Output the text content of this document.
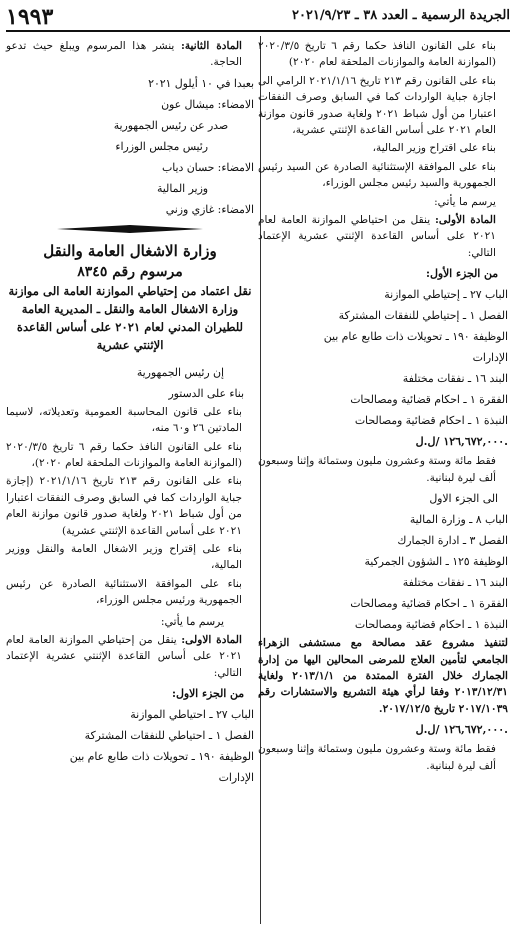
الجريدة الرسمية ـ العدد ٣٨ ـ ٢٠٢١/٩/٢٣
١٩٩٣

بناء على القانون النافذ حكما رقم ٦ تاريخ ٢٠٢٠/٣/٥ (الموازنة العامة والموازنات الملحقة لعام ٢٠٢٠)

بناء على القانون رقم ٢١٣ تاريخ ٢٠٢١/١/١٦ الرامي الى اجازة جباية الواردات كما في السابق وصرف النفقات اعتبارا من أول شباط ٢٠٢١ ولغاية صدور قانون موازنة العام ٢٠٢١ على أساس القاعدة الإثنتي عشرية،

بناء على اقتراح وزير المالية،

بناء على الموافقة الإستثنائية الصادرة عن السيد رئيس الجمهورية والسيد رئيس مجلس الوزراء،

يرسم ما يأتي:

المادة الأولى: ينقل من احتياطي الموازنة العامة لعام ٢٠٢١ على أساس القاعدة الإثنتي عشرية الإعتماد التالي:

من الجزء الأول:
الباب ٢٧ ـ إحتياطي الموازنة
الفصل ١ ـ إحتياطي للنفقات المشتركة
الوظيفة ١٩٠ ـ تحويلات ذات طابع عام بين
الإدارات
البند ١٦ ـ نفقات مختلفة
الفقرة ١ ـ احكام قضائية ومصالحات
النبذة ١ ـ احكام قضائية ومصالحات
١٢٦,٦٧٢,٠٠٠ /ل.ل.

فقط مائة وستة وعشرون مليون وستمائة وإثنا وسبعون ألف ليرة لبنانية.

الى الجزء الاول
الباب ٨ ـ وزارة المالية
الفصل ٣ ـ ادارة الجمارك
الوظيفة ١٢٥ ـ الشؤون الجمركية
البند ١٦ ـ نفقات مختلفة
الفقرة ١ ـ احكام قضائية ومصالحات
النبذة ١ ـ احكام قضائية ومصالحات

لتنفيذ مشروع عقد مصالحة مع مستشفى الزهراء الجامعي لتأمين العلاج للمرضى المحالين اليها من إدارة الجمارك خلال الفترة الممتدة من ٢٠١٣/١/١ ولغاية ٢٠١٣/١٢/٣١ وفقا لرأي هيئة التشريع والاستشارات رقم ٢٠١٧/١٠٣٩ تاريخ ٢٠١٧/١٢/٥.

١٢٦,٦٧٢,٠٠٠ /ل.ل.

فقط مائة وستة وعشرون مليون وستمائة وإثنا وسبعون ألف ليرة لبنانية.

المادة الثانية: ينشر هذا المرسوم ويبلغ حيث تدعو الحاجة.

بعبدا في ١٠ أيلول ٢٠٢١
الامضاء: ميشال عون
صدر عن رئيس الجمهورية
رئيس مجلس الوزراء
الامضاء: حسان دياب
وزير المالية
الامضاء: غازي وزني
وزارة الاشغال العامة والنقل
مرسوم رقم ٨٣٤٥
نقل اعتماد من إحتياطي الموازنة العامة الى موازنة وزارة الاشغال العامة والنقل ـ المديرية العامة للطيران المدني لعام ٢٠٢١ على أساس القاعدة الإثنتي عشرية
إن رئيس الجمهورية
بناء على الدستور

بناء على قانون المحاسبة العمومية وتعديلاته، لاسيما المادتين ٢٦ و٦٠ منه،

بناء على القانون النافذ حكما رقم ٦ تاريخ ٢٠٢٠/٣/٥ (الموازنة العامة والموازنات الملحقة لعام ٢٠٢٠)،

بناء على القانون رقم ٢١٣ تاريخ ٢٠٢١/١/١٦ (إجازة جباية الواردات كما في السابق وصرف النفقات اعتبارا من أول شباط ٢٠٢١ ولغاية صدور قانون موازنة العام ٢٠٢١ على أساس القاعدة الإثنتي عشرية)

بناء على إقتراح وزير الاشغال العامة والنقل ووزير المالية،

بناء على الموافقة الاستثنائية الصادرة عن رئيس الجمهورية ورئيس مجلس الوزراء،

يرسم ما يأتي:

المادة الاولى: ينقل من إحتياطي الموازنة العامة لعام ٢٠٢١ على أساس القاعدة الإثنتي عشرية الإعتماد التالي:

من الجزء الاول:
الباب ٢٧ ـ احتياطي الموازنة
الفصل ١ ـ احتياطي للنفقات المشتركة
الوظيفة ١٩٠ ـ تحويلات ذات طابع عام بين
الإدارات
